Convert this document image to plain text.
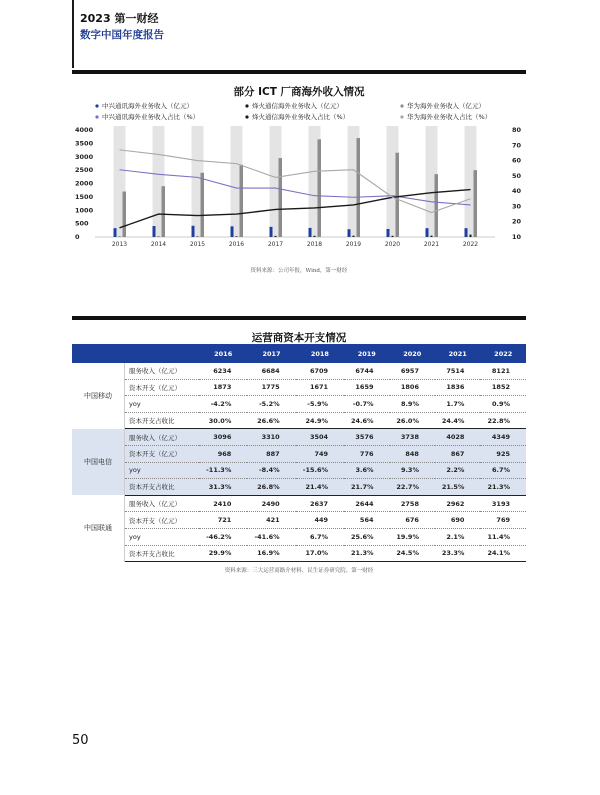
2023 第一财经
数字中国年度报告
部分 ICT 厂商海外收入情况
0
500
1000
1500
2000
2500
3000
3500
4000
10
20
30
40
50
60
70
80
2013	2014	2015	2016	2017	2018	2019	2020	2021	2022
中兴通讯海外业务收入（亿元）	烽火通信海外业务收入（亿元）	华为海外业务收入（亿元）
中兴通讯海外业务收入占比（%）	烽火通信海外业务收入占比（%）	华为海外业务收入占比（%）
资料来源：公司年报，Wind，第一财经
运营商资本开支情况
		2016	2017	2018	2019	2020	2021	2022
中国移动	服务收入（亿元）	6234	6684	6709	6744	6957	7514	8121
	资本开支（亿元）	1873	1775	1671	1659	1806	1836	1852
	yoy	-4.2%	-5.2%	-5.9%	-0.7%	8.9%	1.7%	0.9%
	资本开支占收比	30.0%	26.6%	24.9%	24.6%	26.0%	24.4%	22.8%
中国电信	服务收入（亿元）	3096	3310	3504	3576	3738	4028	4349
	资本开支（亿元）	968	887	749	776	848	867	925
	yoy	-11.3%	-8.4%	-15.6%	3.6%	9.3%	2.2%	6.7%
	资本开支占收比	31.3%	26.8%	21.4%	21.7%	22.7%	21.5%	21.3%
中国联通	服务收入（亿元）	2410	2490	2637	2644	2758	2962	3193
	资本开支（亿元）	721	421	449	564	676	690	769
	yoy	-46.2%	-41.6%	6.7%	25.6%	19.9%	2.1%	11.4%
	资本开支占收比	29.9%	16.9%	17.0%	21.3%	24.5%	23.3%	24.1%
资料来源：三大运营商路介材料、民生证券研究院、第一财经
50
